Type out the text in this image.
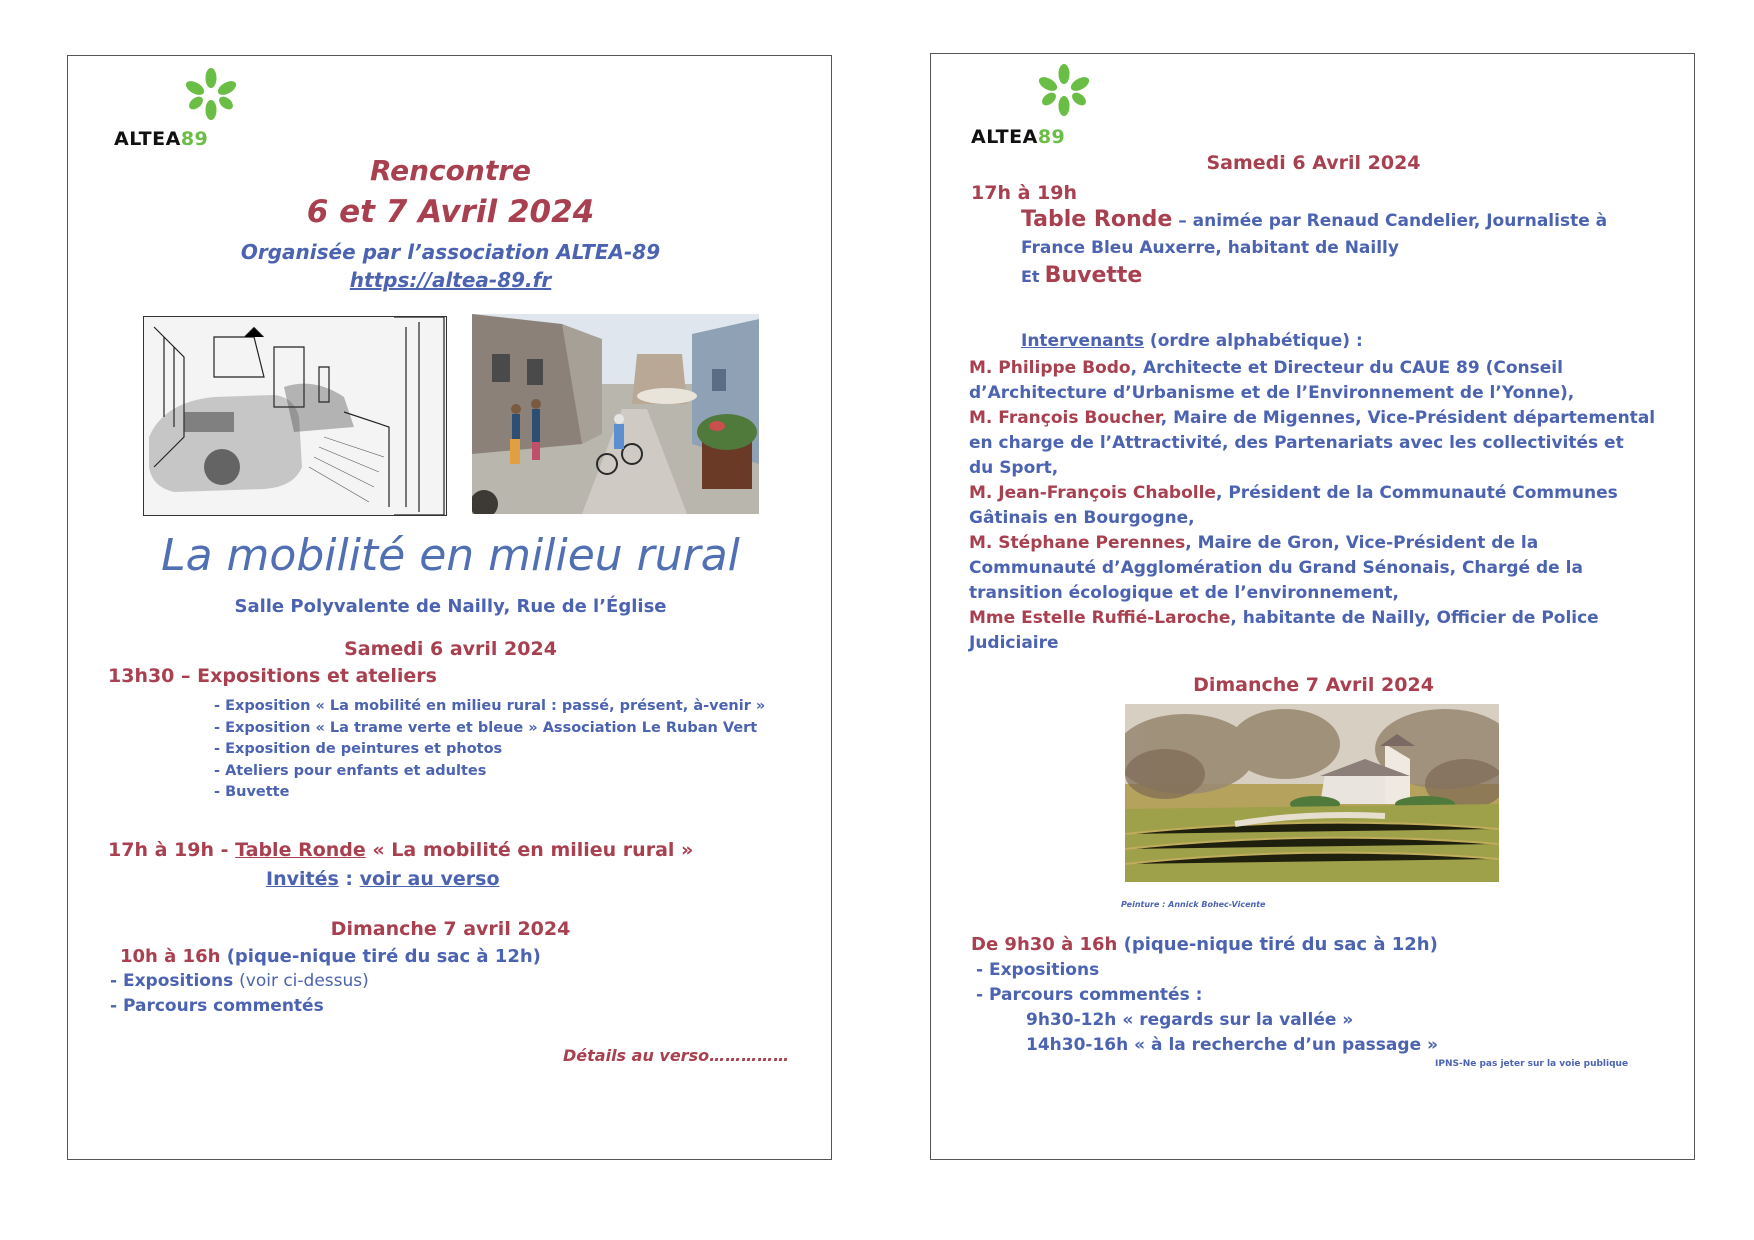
ALTEA89
Rencontre
6 et 7 Avril 2024
Organisée par l’association ALTEA-89
https://altea-89.fr
La mobilité en milieu rural
Salle Polyvalente de Nailly, Rue de l’Église
Samedi 6 avril 2024
13h30 – Expositions et ateliers
- Exposition « La mobilité en milieu rural : passé, présent, à-venir »
- Exposition « La trame verte et bleue » Association Le Ruban Vert
- Exposition de peintures et photos
- Ateliers pour enfants et adultes
- Buvette
17h à 19h - Table Ronde « La mobilité en milieu rural »
Invités : voir au verso
Dimanche 7 avril 2024
10h à 16h (pique-nique tiré du sac à 12h)
- Expositions (voir ci-dessus)
- Parcours commentés
Détails au verso……………
ALTEA89
Samedi 6 Avril 2024
17h à 19h
Table Ronde – animée par Renaud Candelier, Journaliste à
France Bleu Auxerre, habitant de Nailly
Et Buvette
Intervenants (ordre alphabétique) :
M. Philippe Bodo, Architecte et Directeur du CAUE 89 (Conseil
d’Architecture d’Urbanisme et de l’Environnement de l’Yonne),
M. François Boucher, Maire de Migennes, Vice-Président départemental
en charge de l’Attractivité, des Partenariats avec les collectivités et
du Sport,
M. Jean-François Chabolle, Président de la Communauté Communes
Gâtinais en Bourgogne,
M. Stéphane Perennes, Maire de Gron, Vice-Président de la
Communauté d’Agglomération du Grand Sénonais, Chargé de la
transition écologique et de l’environnement,
Mme Estelle Ruffié-Laroche, habitante de Nailly, Officier de Police
Judiciaire
Dimanche 7 Avril 2024
Peinture : Annick Bohec-Vicente
De 9h30 à 16h (pique-nique tiré du sac à 12h)
- Expositions
- Parcours commentés :
9h30-12h « regards sur la vallée »
14h30-16h « à la recherche d’un passage »
IPNS-Ne pas jeter sur la voie publique
